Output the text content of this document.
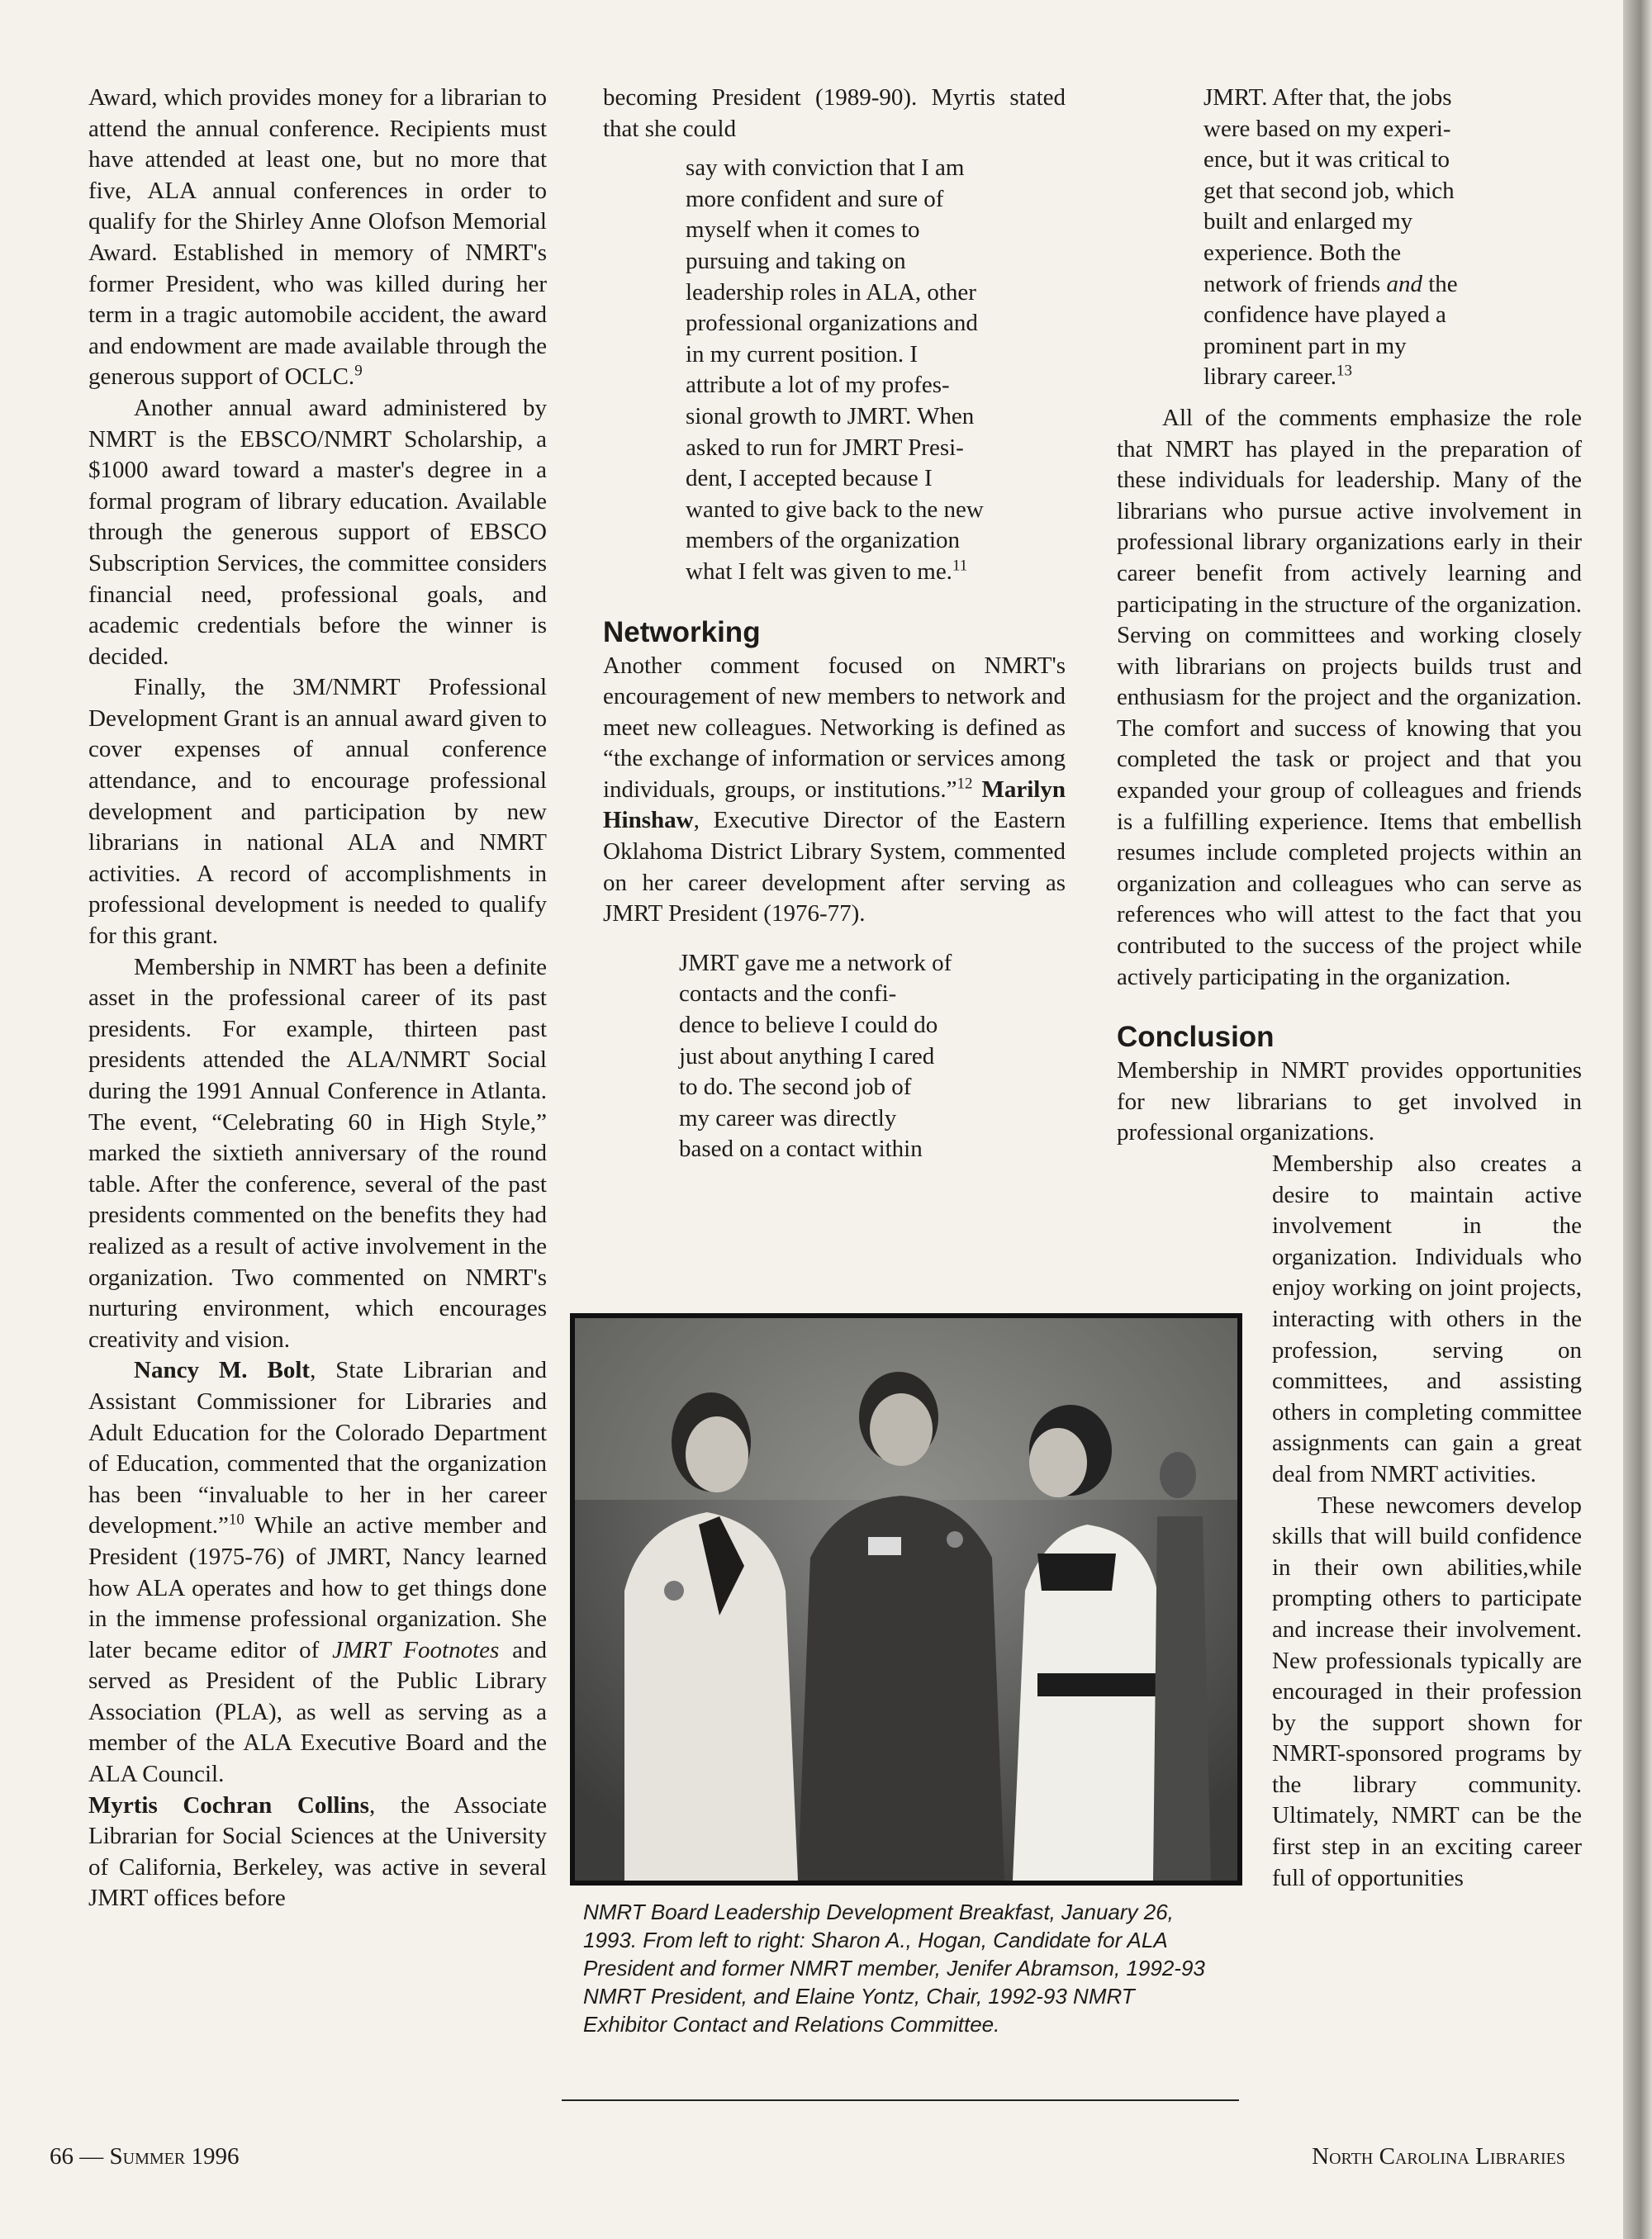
Award, which provides money for a librarian to attend the annual conference. Recipients must have attended at least one, but no more that five, ALA annual conferences in order to qualify for the Shirley Anne Olofson Memorial Award. Established in memory of NMRT's former President, who was killed during her term in a tragic automobile accident, the award and endowment are made available through the generous support of OCLC.$^9$

Another annual award administered by NMRT is the EBSCO/NMRT Scholarship, a $1000 award toward a master's degree in a formal program of library education. Available through the generous support of EBSCO Subscription Services, the committee considers financial need, professional goals, and academic credentials before the winner is decided.

Finally, the 3M/NMRT Professional Development Grant is an annual award given to cover expenses of annual conference attendance, and to encourage professional development and participation by new librarians in national ALA and NMRT activities. A record of accomplishments in professional development is needed to qualify for this grant.

Membership in NMRT has been a definite asset in the professional career of its past presidents. For example, thirteen past presidents attended the ALA/NMRT Social during the 1991 Annual Conference in Atlanta. The event, “Celebrating 60 in High Style,” marked the sixtieth anniversary of the round table. After the conference, several of the past presidents commented on the benefits they had realized as a result of active involvement in the organization. Two commented on NMRT's nurturing environment, which encourages creativity and vision.

Nancy M. Bolt, State Librarian and Assistant Commissioner for Libraries and Adult Education for the Colorado Department of Education, commented that the organization has been “invaluable to her in her career development.”$^{10}$ While an active member and President (1975-76) of JMRT, Nancy learned how ALA operates and how to get things done in the immense professional organization. She later became editor of JMRT Footnotes and served as President of the Public Library Association (PLA), as well as serving as a member of the ALA Executive Board and the ALA Council.

Myrtis Cochran Collins, the Associate Librarian for Social Sciences at the University of California, Berkeley, was active in several JMRT offices before

becoming President (1989-90). Myrtis stated that she could

say with conviction that I am
more confident and sure of
myself when it comes to
pursuing and taking on
leadership roles in ALA, other
professional organizations and
in my current position. I
attribute a lot of my profes-
sional growth to JMRT. When
asked to run for JMRT Presi-
dent, I accepted because I
wanted to give back to the new
members of the organization
what I felt was given to me.$^{11}$
Networking

Another comment focused on NMRT's encouragement of new members to network and meet new colleagues. Networking is defined as “the exchange of information or services among individuals, groups, or institutions.”$^{12}$ Marilyn Hinshaw, Executive Director of the Eastern Oklahoma District Library System, commented on her career development after serving as JMRT President (1976-77).

JMRT gave me a network of
contacts and the confi-
dence to believe I could do
just about anything I cared
to do. The second job of
my career was directly
based on a contact within
NMRT Board Leadership Development Breakfast, January 26, 1993. From left to right: Sharon A., Hogan, Candidate for ALA President and former NMRT member, Jenifer Abramson, 1992-93 NMRT President, and Elaine Yontz, Chair, 1992-93 NMRT Exhibitor Contact and Relations Committee.
JMRT. After that, the jobs
were based on my experi-
ence, but it was critical to
get that second job, which
built and enlarged my
experience. Both the
network of friends and the
confidence have played a
prominent part in my
library career.$^{13}$

All of the comments emphasize the role that NMRT has played in the preparation of these individuals for leadership. Many of the librarians who pursue active involvement in professional library organizations early in their career benefit from actively learning and participating in the structure of the organization. Serving on committees and working closely with librarians on projects builds trust and enthusiasm for the project and the organization. The comfort and success of knowing that you completed the task or project and that you expanded your group of colleagues and friends is a fulfilling experience. Items that embellish resumes include completed projects within an organization and colleagues who can serve as references who will attest to the fact that you contributed to the success of the project while actively participating in the organization.

Conclusion

Membership in NMRT provides opportunities for new librarians to get involved in professional organizations.

Membership also creates a desire to maintain active involvement in the organization. Individuals who enjoy working on joint projects, interacting with others in the profession, serving on committees, and assisting others in completing committee assignments can gain a great deal from NMRT activities.

These newcomers develop skills that will build confidence in their own abilities,while prompting others to participate and increase their involvement. New professionals typically are encouraged in their profession by the support shown for NMRT-sponsored programs by the library community. Ultimately, NMRT can be the first step in an exciting career full of opportunities

66 — Summer 1996	North Carolina Libraries
